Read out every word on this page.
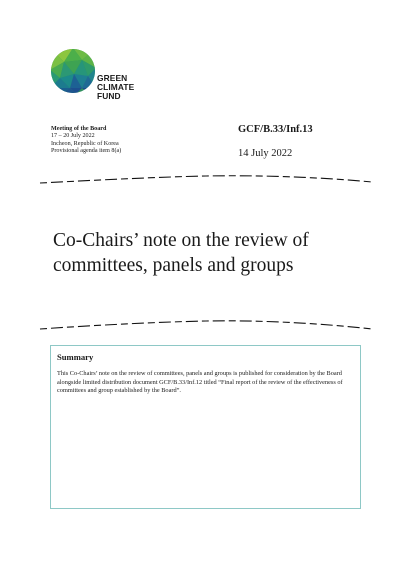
GREEN
CLIMATE
FUND
Meeting of the Board
17 – 20 July 2022
Incheon, Republic of Korea
Provisional agenda item 8(a)
GCF/B.33/Inf.13
14 July 2022
Co-Chairs’ note on the review of committees, panels and groups
Summary
This Co-Chairs’ note on the review of committees, panels and groups is published for consideration by the Board alongside limited distribution document GCF/B.33/Inf.12 titled “Final report of the review of the effectiveness of committees and group established by the Board”.
